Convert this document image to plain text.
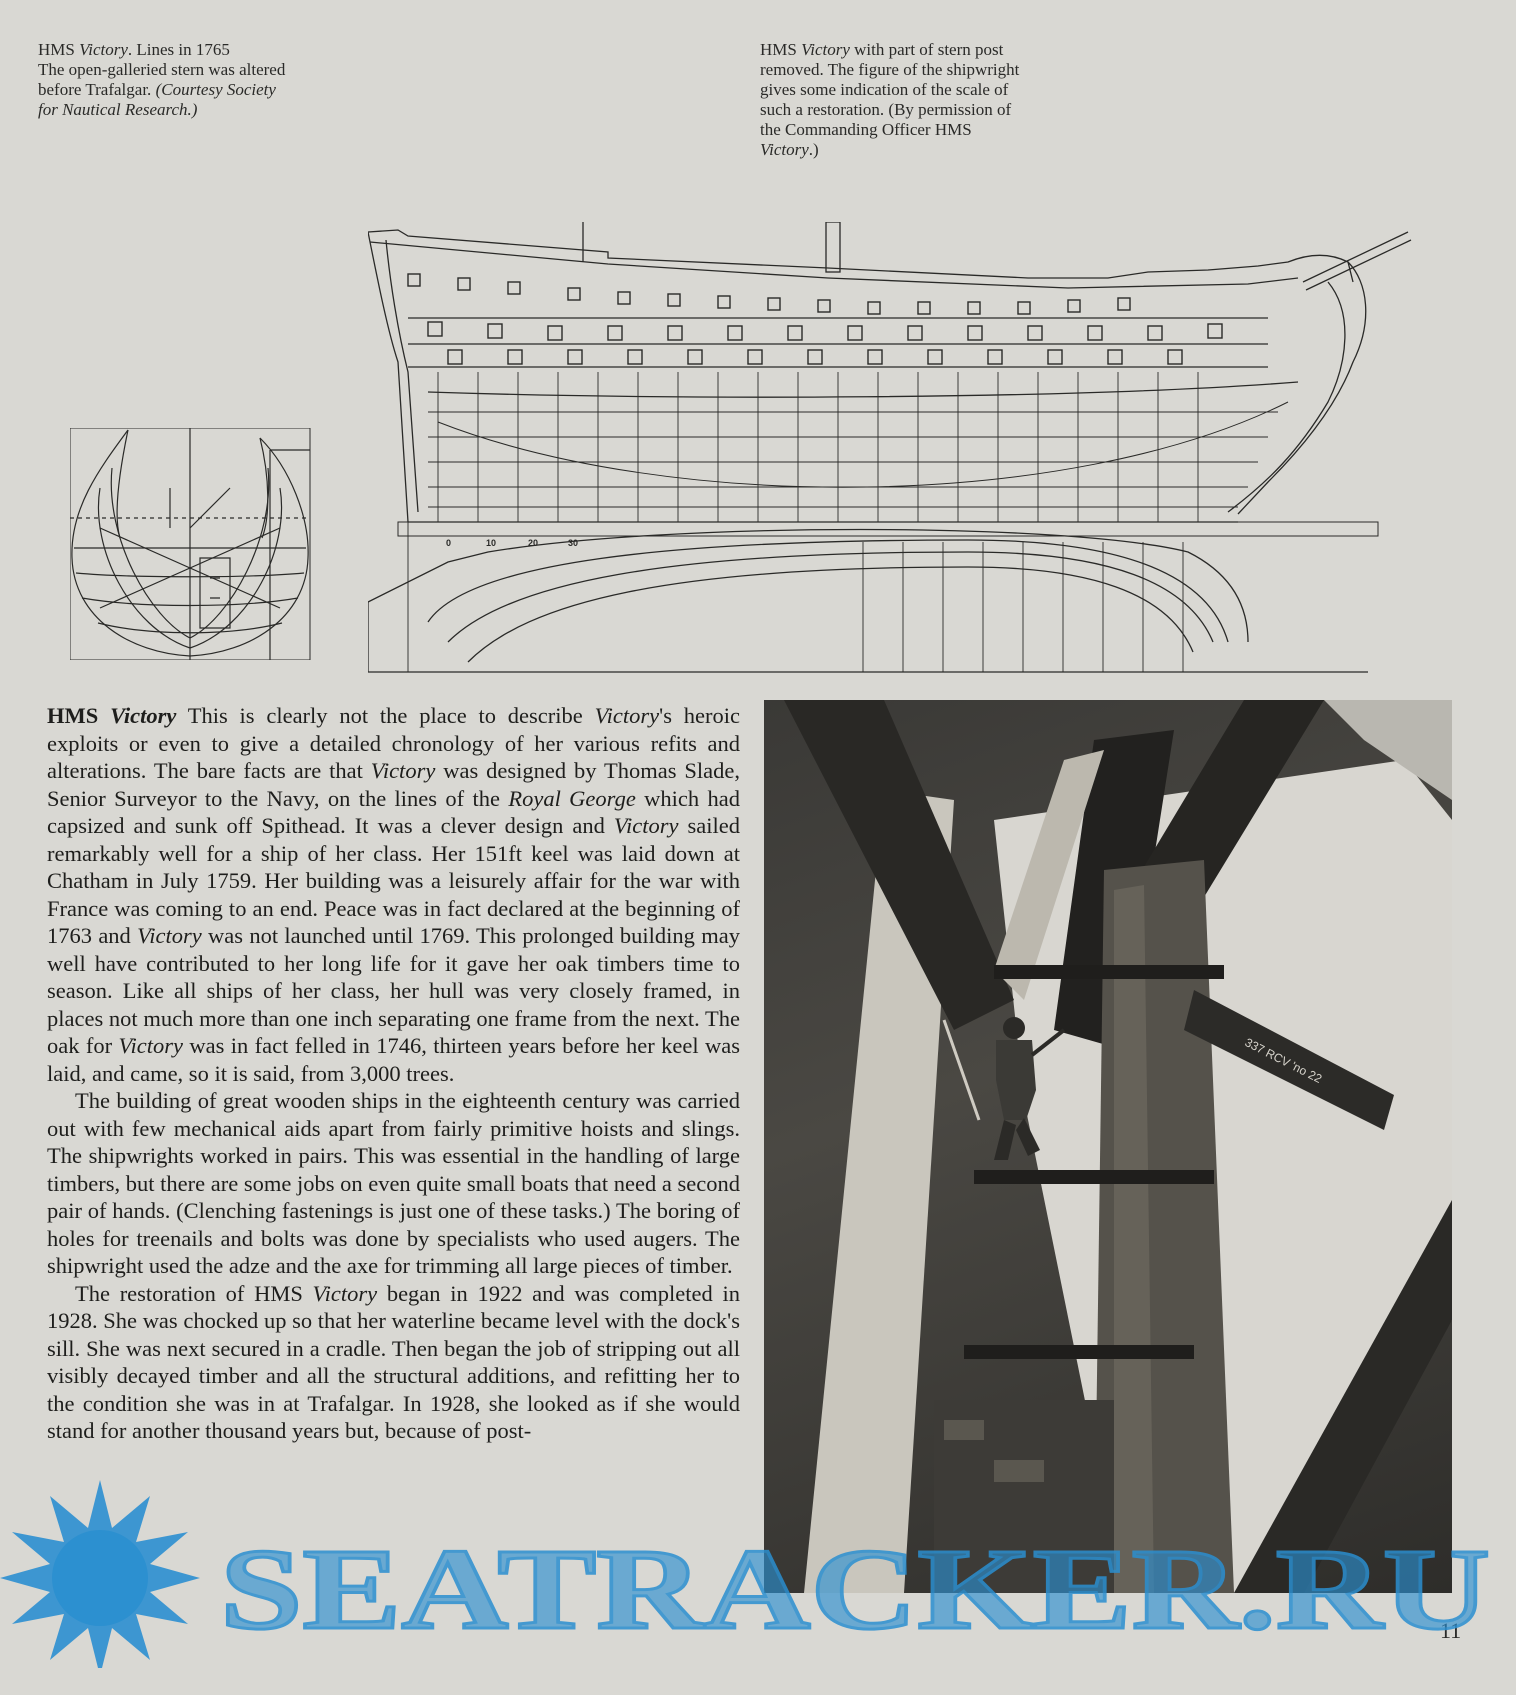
HMS Victory. Lines in 1765

The open-galleried stern was altered

before Trafalgar. (Courtesy Society

for Nautical Research.)

HMS Victory with part of stern post

removed. The figure of the shipwright

gives some indication of the scale of

such a restoration. (By permission of

the Commanding Officer HMS

Victory.)

0	10	20	30

HMS Victory This is clearly not the place to describe Victory's heroic exploits or even to give a detailed chronology of her various refits and alterations. The bare facts are that Victory was designed by Thomas Slade, Senior Surveyor to the Navy, on the lines of the Royal George which had capsized and sunk off Spithead. It was a clever design and Victory sailed remarkably well for a ship of her class. Her 151ft keel was laid down at Chatham in July 1759. Her building was a leisurely affair for the war with France was coming to an end. Peace was in fact declared at the beginning of 1763 and Victory was not launched until 1769. This prolonged building may well have contributed to her long life for it gave her oak timbers time to season. Like all ships of her class, her hull was very closely framed, in places not much more than one inch separating one frame from the next. The oak for Victory was in fact felled in 1746, thirteen years before her keel was laid, and came, so it is said, from 3,000 trees.

The building of great wooden ships in the eighteenth century was carried out with few mechanical aids apart from fairly primitive hoists and slings. The shipwrights worked in pairs. This was essential in the handling of large timbers, but there are some jobs on even quite small boats that need a second pair of hands. (Clenching fastenings is just one of these tasks.) The boring of holes for treenails and bolts was done by specialists who used augers. The shipwright used the adze and the axe for trimming all large pieces of timber.

The restoration of HMS Victory began in 1922 and was completed in 1928. She was chocked up so that her waterline became level with the dock's sill. She was next secured in a cradle. Then began the job of stripping out all visibly decayed timber and all the structural additions, and refitting her to the condition she was in at Trafalgar. In 1928, she looked as if she would stand for another thousand years but, because of post-

337 RCV 'no 22
11
SEATRACKER.RU
